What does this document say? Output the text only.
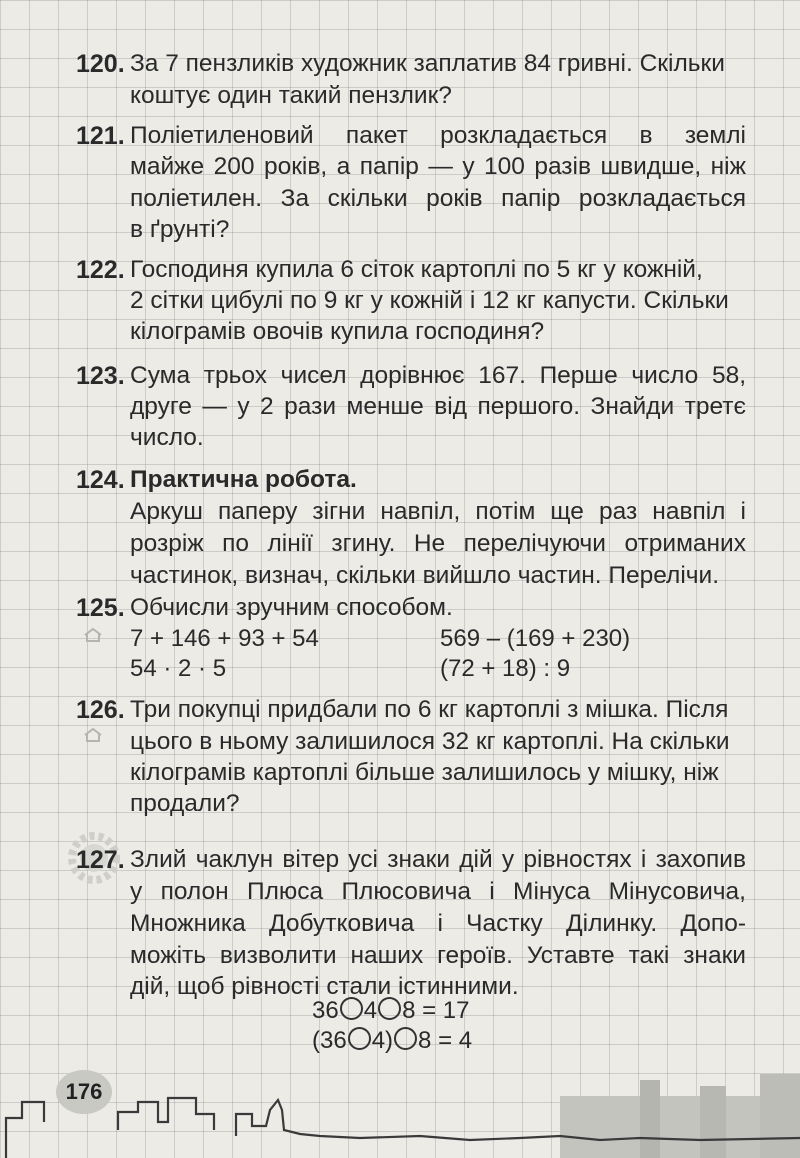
120. За 7 пензликів художник заплатив 84 гривні. Скільки
коштує один такий пензлик?
121. Поліетиленовий пакет розкладається в землі
майже 200 років, а папір — у 100 разів швидше, ніж
поліетилен. За скільки років папір розкладається
в ґрунті?
122. Господиня купила 6 сіток картоплі по 5 кг у кожній,
2 сітки цибулі по 9 кг у кожній і 12 кг капусти. Скільки
кілограмів овочів купила господиня?
123. Сума трьох чисел дорівнює 167. Перше число 58,
друге — у 2 рази менше від першого. Знайди третє
число.
124. Практична робота.
Аркуш паперу зігни навпіл, потім ще раз навпіл і
розріж по лінії згину. Не перелічуючи отриманих
частинок, визнач, скільки вийшло частин. Перелічи.
125. Обчисли зручним способом.
7 + 146 + 93 + 54	569 – (169 + 230)
54 · 2 · 5	(72 + 18) : 9
126. Три покупці придбали по 6 кг картоплі з мішка. Після
цього в ньому залишилося 32 кг картоплі. На скільки
кілограмів картоплі більше залишилось у мішку, ніж
продали?
127. Злий чаклун вітер усі знаки дій у рівностях і захопив
у полон Плюса Плюсовича і Мінуса Мінусовича,
Множника Добутковича і Частку Ділинку. Допо-
можіть визволити наших героїв. Уставте такі знаки
дій, щоб рівності стали істинними.
36 4 8 = 17
(36 4) 8 = 4
176
